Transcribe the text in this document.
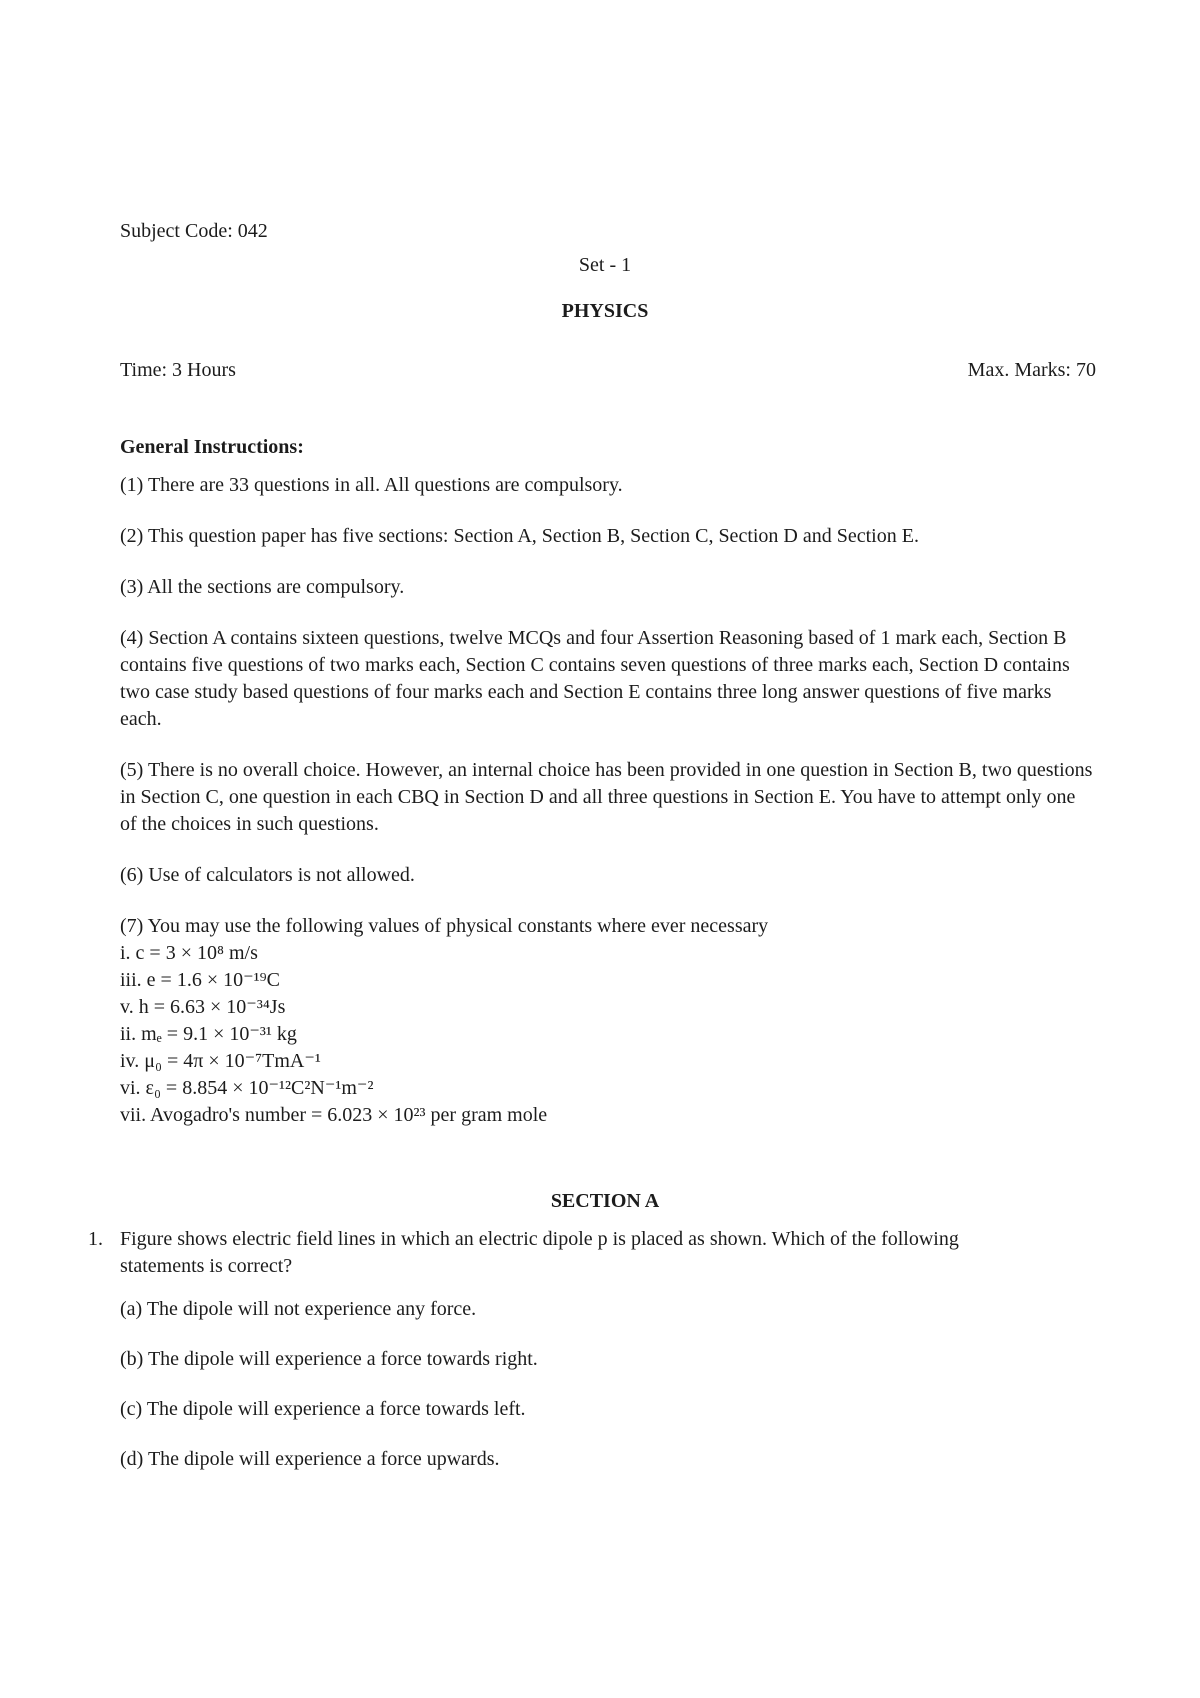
Subject Code: 042

Set - 1

PHYSICS

Time: 3 Hours	Max. Marks: 70

General Instructions:

(1) There are 33 questions in all. All questions are compulsory.

(2) This question paper has five sections: Section A, Section B, Section C, Section D and Section E.

(3) All the sections are compulsory.

(4) Section A contains sixteen questions, twelve MCQs and four Assertion Reasoning based of 1 mark each, Section B contains five questions of two marks each, Section C contains seven questions of three marks each, Section D contains two case study based questions of four marks each and Section E contains three long answer questions of five marks each.

(5) There is no overall choice. However, an internal choice has been provided in one question in Section B, two questions in Section C, one question in each CBQ in Section D and all three questions in Section E. You have to attempt only one of the choices in such questions.

(6) Use of calculators is not allowed.

(7) You may use the following values of physical constants where ever necessary

i. c = 3 × 10⁸ m/s
iii. e = 1.6 × 10⁻¹⁹C
v. h = 6.63 × 10⁻³⁴Js
ii. mₑ = 9.1 × 10⁻³¹ kg
iv. μ₀ = 4π × 10⁻⁷TmA⁻¹
vi. ε₀ = 8.854 × 10⁻¹²C²N⁻¹m⁻²
vii. Avogadro's number = 6.023 × 10²³ per gram mole

SECTION A

1. Figure shows electric field lines in which an electric dipole p is placed as shown. Which of the following statements is correct?

(a) The dipole will not experience any force.

(b) The dipole will experience a force towards right.

(c) The dipole will experience a force towards left.

(d) The dipole will experience a force upwards.
